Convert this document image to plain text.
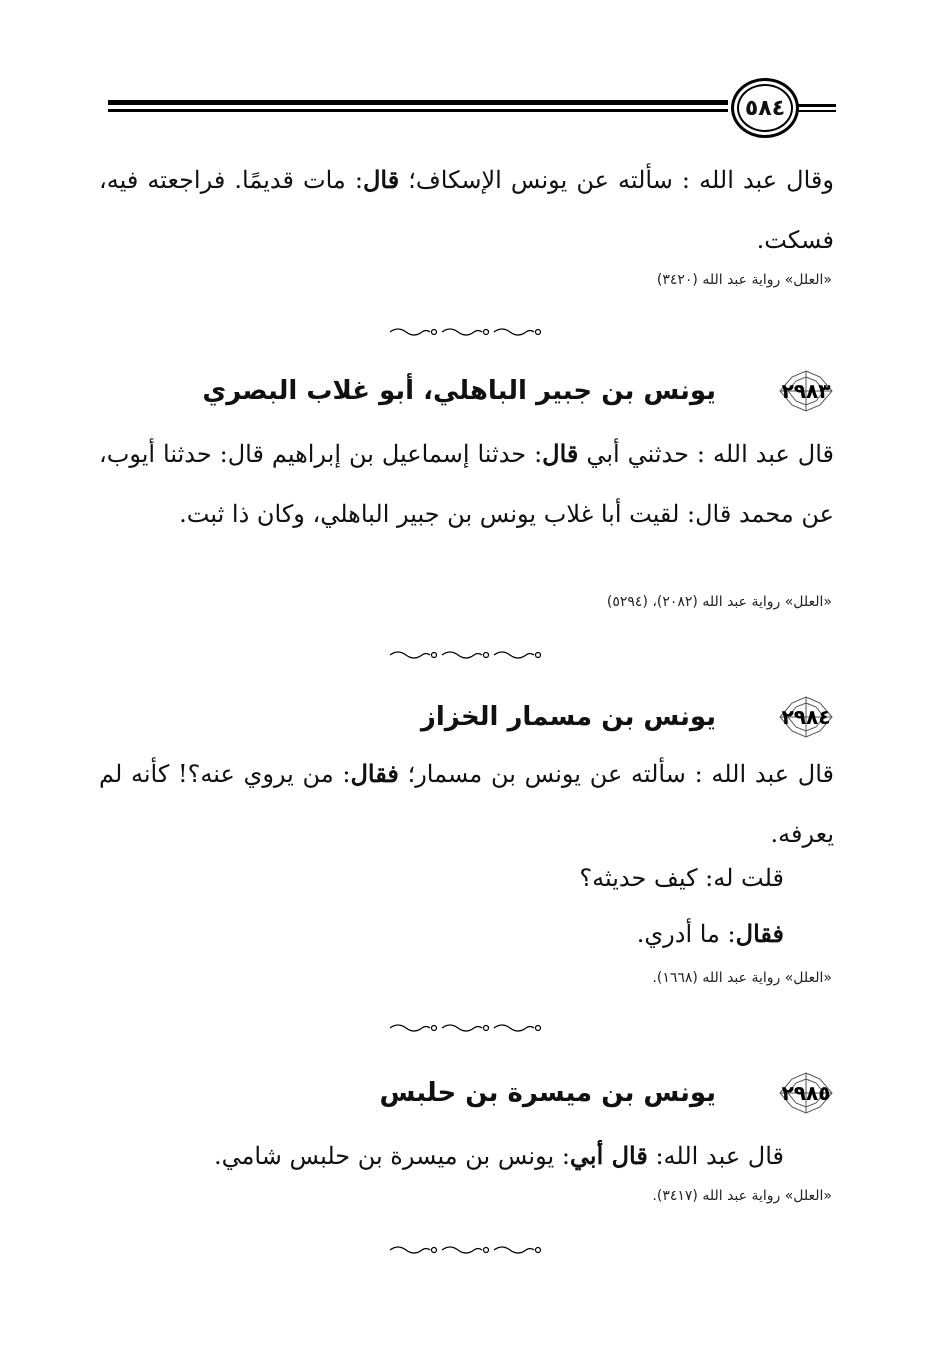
٥٨٤
وقال عبد الله : سألته عن يونس الإسكاف؛ قال: مات قديمًا. فراجعته فيه، فسكت.
«العلل» رواية عبد الله (٣٤٢٠)
٢٩٨٣
يونس بن جبير الباهلي، أبو غلاب البصري
قال عبد الله : حدثني أبي قال: حدثنا إسماعيل بن إبراهيم قال: حدثنا أيوب، عن محمد قال: لقيت أبا غلاب يونس بن جبير الباهلي، وكان ذا ثبت.
«العلل» رواية عبد الله (٢٠٨٢)، (٥٢٩٤)
٢٩٨٤
يونس بن مسمار الخزاز
قال عبد الله : سألته عن يونس بن مسمار؛ فقال: من يروي عنه؟! كأنه لم يعرفه.
قلت له: كيف حديثه؟
فقال: ما أدري.
«العلل» رواية عبد الله (١٦٦٨).
٢٩٨٥
يونس بن ميسرة بن حلبس
قال عبد الله: قال أبي: يونس بن ميسرة بن حلبس شامي.
«العلل» رواية عبد الله (٣٤١٧).
